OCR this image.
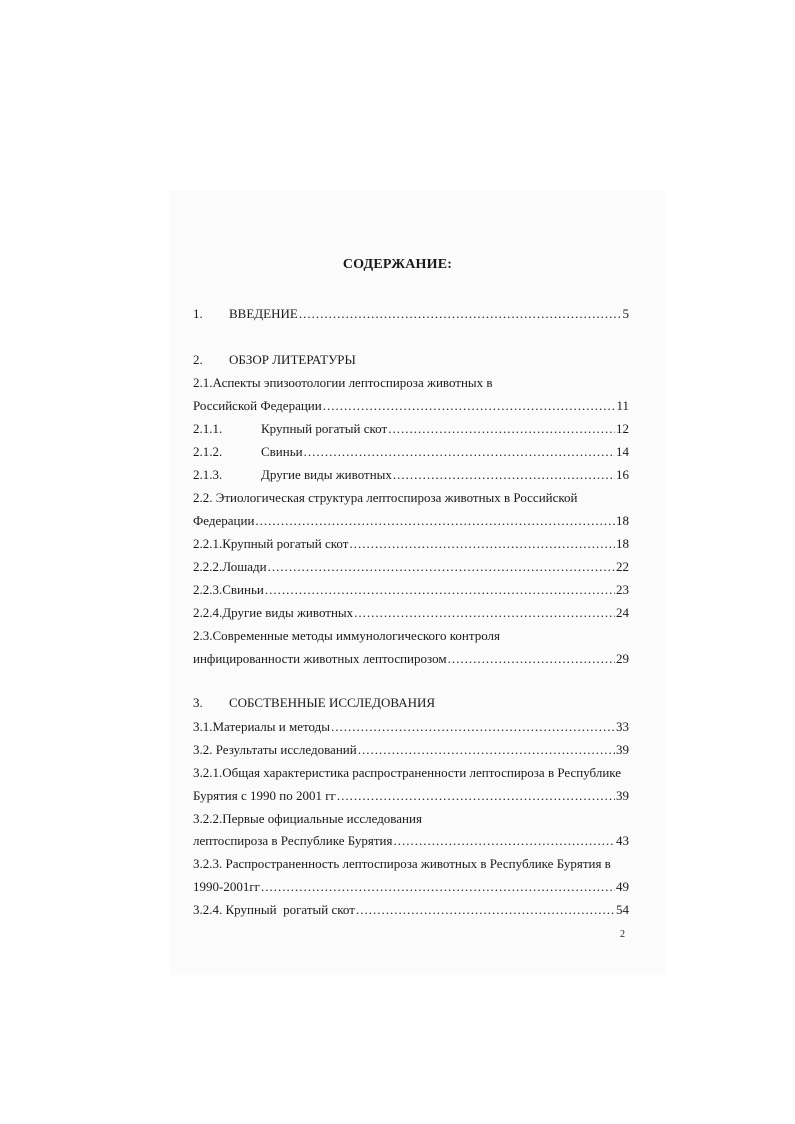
СОДЕРЖАНИЕ:
1.	ВВЕДЕНИЕ .....	5
2. ОБЗОР ЛИТЕРАТУРЫ
2.1.Аспекты эпизоотологии лептоспироза животных в
Российской Федерации .....	11
2.1.1.	Крупный рогатый скот .....	12
2.1.2.	Свиньи .....	14
2.1.3.	Другие виды животных .....	16
2.2. Этиологическая структура лептоспироза животных в Российской
Федерации .....	18
2.2.1.Крупный рогатый скот .....	18
2.2.2.Лошади .....	22
2.2.3.Свиньи .....	23
2.2.4.Другие виды животных .....	24
2.3.Современные методы иммунологического контроля
инфицированности животных лептоспирозом .....	29
3. СОБСТВЕННЫЕ ИССЛЕДОВАНИЯ
3.1.Материалы и методы .....	33
3.2. Результаты исследований .....	39
3.2.1.Общая характеристика распространенности лептоспироза в Республике
Бурятия с 1990 по 2001 гг .....	39
3.2.2.Первые официальные исследования
лептоспироза в Республике Бурятия .....	43
3.2.3. Распространенность лептоспироза животных в Республике Бурятия в
1990-2001гг .....	49
3.2.4. Крупный  рогатый скот .....	54
2
